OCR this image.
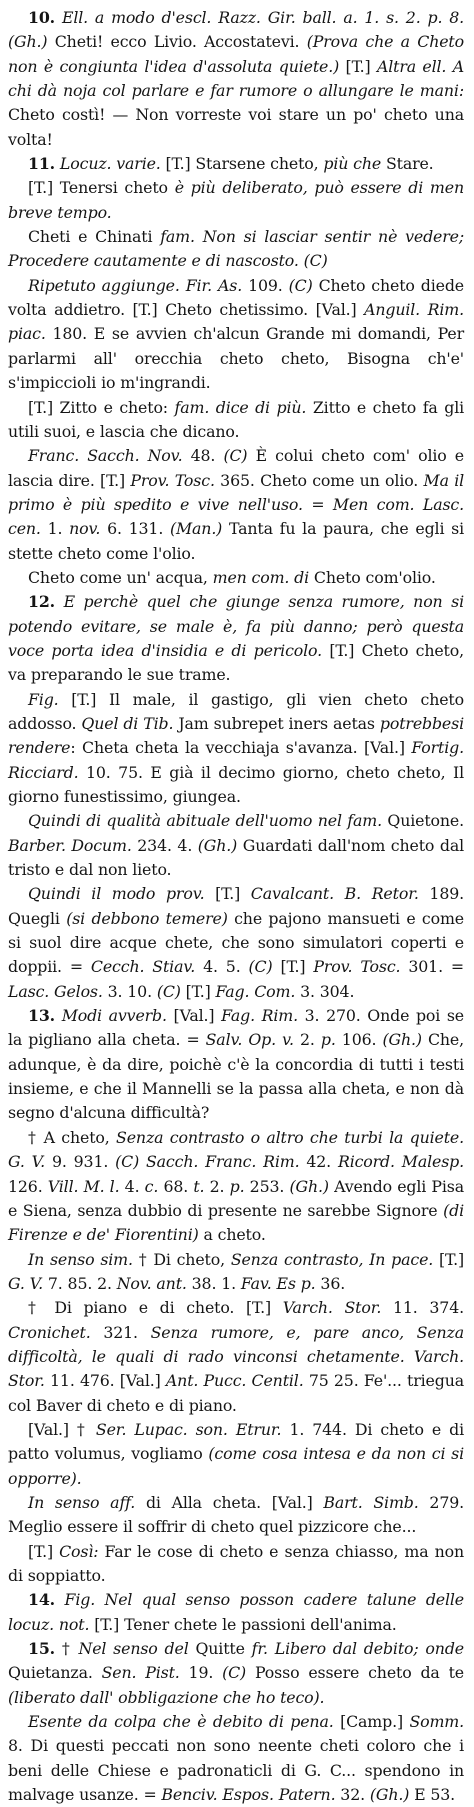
10. Ell. a modo d'escl. Razz. Gir. ball. a. 1. s. 2. p. 8. (Gh.) Cheti! ecco Livio. Accostatevi. (Prova che a Cheto non è congiunta l'idea d'assoluta quiete.) [T.] Altra ell. A chi dà noja col parlare e far rumore o allungare le mani: Cheto costì! — Non vorreste voi stare un po' cheto una volta!

11. Locuz. varie. [T.] Starsene cheto, più che Stare.

[T.] Tenersi cheto è più deliberato, può essere di men breve tempo.

Cheti e Chinati fam. Non si lasciar sentir nè vedere; Procedere cautamente e di nascosto. (C)

Ripetuto aggiunge. Fir. As. 109. (C) Cheto cheto diede volta addietro. [T.] Cheto chetissimo. [Val.] Anguil. Rim. piac. 180. E se avvien ch'alcun Grande mi domandi, Per parlarmi all' orecchia cheto cheto, Bisogna ch'e' s'impiccioli io m'ingrandi.

[T.] Zitto e cheto: fam. dice di più. Zitto e cheto fa gli utili suoi, e lascia che dicano.

Franc. Sacch. Nov. 48. (C) È colui cheto com' olio e lascia dire. [T.] Prov. Tosc. 365. Cheto come un olio. Ma il primo è più spedito e vive nell'uso. = Men com. Lasc. cen. 1. nov. 6. 131. (Man.) Tanta fu la paura, che egli si stette cheto come l'olio.

Cheto come un' acqua, men com. di Cheto com'olio.

12. E perchè quel che giunge senza rumore, non si potendo evitare, se male è, fa più danno; però questa voce porta idea d'insidia e di pericolo. [T.] Cheto cheto, va preparando le sue trame.

Fig. [T.] Il male, il gastigo, gli vien cheto cheto addosso. Quel di Tib. Jam subrepet iners aetas potrebbesi rendere: Cheta cheta la vecchiaja s'avanza. [Val.] Fortig. Ricciard. 10. 75. E già il decimo giorno, cheto cheto, Il giorno funestissimo, giungea.

Quindi di qualità abituale dell'uomo nel fam. Quietone. Barber. Docum. 234. 4. (Gh.) Guardati dall'nom cheto dal tristo e dal non lieto.

Quindi il modo prov. [T.] Cavalcant. B. Retor. 189. Quegli (si debbono temere) che pajono mansueti e come si suol dire acque chete, che sono simulatori coperti e doppii. = Cecch. Stiav. 4. 5. (C) [T.] Prov. Tosc. 301. = Lasc. Gelos. 3. 10. (C) [T.] Fag. Com. 3. 304.

13. Modi avverb. [Val.] Fag. Rim. 3. 270. Onde poi se la pigliano alla cheta. = Salv. Op. v. 2. p. 106. (Gh.) Che, adunque, è da dire, poichè c'è la concordia di tutti i testi insieme, e che il Mannelli se la passa alla cheta, e non dà segno d'alcuna difficultà?

† A cheto, Senza contrasto o altro che turbi la quiete. G. V. 9. 931. (C) Sacch. Franc. Rim. 42. Ricord. Malesp. 126. Vill. M. l. 4. c. 68. t. 2. p. 253. (Gh.) Avendo egli Pisa e Siena, senza dubbio di presente ne sarebbe Signore (di Firenze e de' Fiorentini) a cheto.

In senso sim. † Di cheto, Senza contrasto, In pace. [T.] G. V. 7. 85. 2. Nov. ant. 38. 1. Fav. Es p. 36.

† Di piano e di cheto. [T.] Varch. Stor. 11. 374. Cronichet. 321. Senza rumore, e, pare anco, Senza difficoltà, le quali di rado vinconsi chetamente. Varch. Stor. 11. 476. [Val.] Ant. Pucc. Centil. 75 25. Fe'... triegua col Baver di cheto e di piano.

[Val.] † Ser. Lupac. son. Etrur. 1. 744. Di cheto e di patto volumus, vogliamo (come cosa intesa e da non ci si opporre).

In senso aff. di Alla cheta. [Val.] Bart. Simb. 279. Meglio essere il soffrir di cheto quel pizzicore che...

[T.] Così: Far le cose di cheto e senza chiasso, ma non di soppiatto.

14. Fig. Nel qual senso posson cadere talune delle locuz. not. [T.] Tener chete le passioni dell'anima.

15. † Nel senso del Quitte fr. Libero dal debito; onde Quietanza. Sen. Pist. 19. (C) Posso essere cheto da te (liberato dall' obbligazione che ho teco).

Esente da colpa che è debito di pena. [Camp.] Somm. 8. Di questi peccati non sono neente cheti coloro che i beni delle Chiese e padronaticli di G. C... spendono in malvage usanze. = Benciv. Espos. Patern. 32. (Gh.) E 53.
